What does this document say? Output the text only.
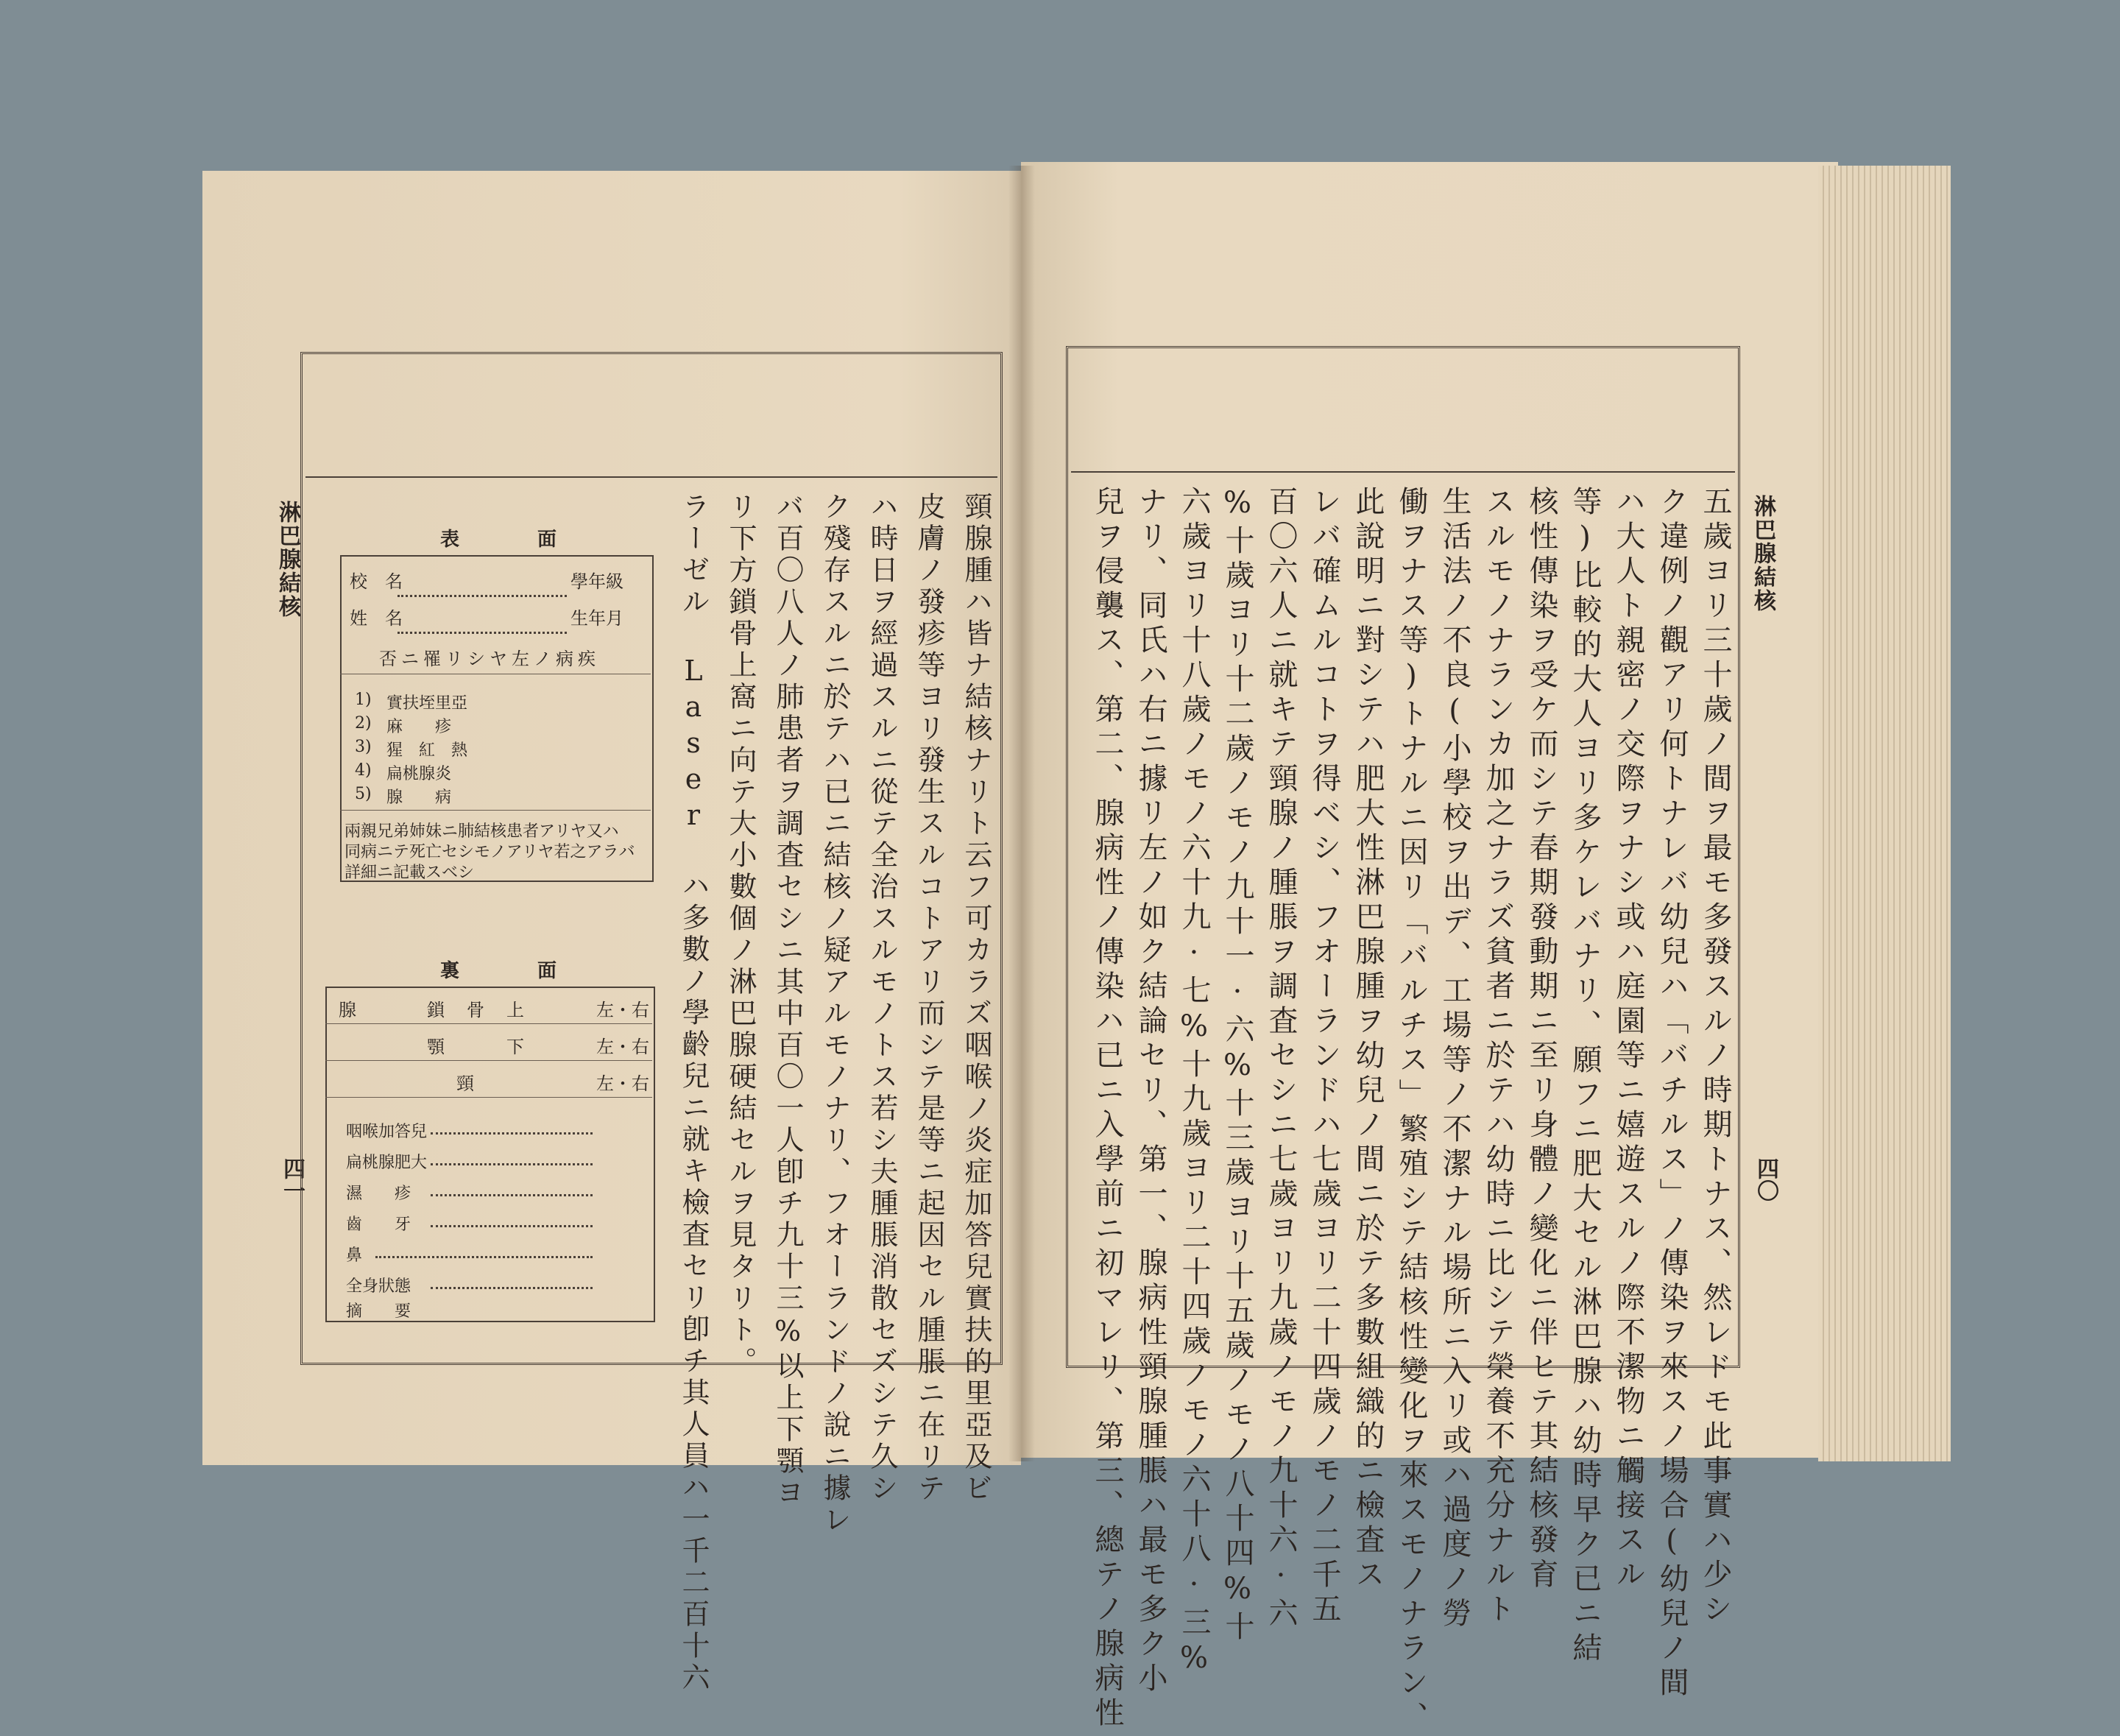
淋巴腺結核
四一	頸腺腫ハ皆ナ結核ナリト云フ可カラズ咽喉ノ炎症加答兒實扶的里亞及ビ
皮膚ノ發疹等ヨリ發生スルコトアリ而シテ是等ニ起因セル腫脹ニ在リテ
ハ時日ヲ經過スルニ從テ全治スルモノトス若シ夫腫脹消散セズシテ久シ
ク殘存スルニ於テハ已ニ結核ノ疑アルモノナリ、フオーランドノ說ニ據レ
バ百〇八人ノ肺患者ヲ調査セシニ其中百〇一人卽チ九十三%以上下顎ヨ
リ下方鎖骨上窩ニ向テ大小數個ノ淋巴腺硬結セルヲ見タリト。
ラーゼル Laser ハ多數ノ學齡兒ニ就キ檢査セリ卽チ其人員ハ一千二百十六
表　面
校　名	學年級
姓　名	生年月
否ニ罹リシヤ左ノ病疾
1) 實扶垤里亞
2) 麻　　疹
3) 猩　紅　熱
4) 扁桃腺炎
5) 腺　　病
兩親兄弟姉妹ニ肺結核患者アリヤ又ハ
同病ニテ死亡セシモノアリヤ若之アラバ
詳細ニ記載スベシ
裏　面
腺	鎖　骨　上	左・右
顎　　　下	左・右
頸	左・右
咽喉加答兒
扁桃腺肥大
濕　　疹
齒　　牙
鼻
全身狀態
摘　　要
淋巴腺結核
四〇
五歲ヨリ三十歲ノ間ヲ最モ多發スルノ時期トナス、然レドモ此事實ハ少シ
ク違例ノ觀アリ何トナレバ幼兒ハ「バチルス」ノ傳染ヲ來スノ場合(幼兒ノ間
ハ大人ト親密ノ交際ヲナシ或ハ庭園等ニ嬉遊スルノ際不潔物ニ觸接スル
等)比較的大人ヨリ多ケレバナリ、願フニ肥大セル淋巴腺ハ幼時早ク已ニ結
核性傳染ヲ受ケ而シテ春期發動期ニ至リ身體ノ變化ニ伴ヒテ其結核發育
スルモノナランカ加之ナラズ貧者ニ於テハ幼時ニ比シテ榮養不充分ナルト
生活法ノ不良(小學校ヲ出デ、工場等ノ不潔ナル場所ニ入リ或ハ過度ノ勞
働ヲナス等)トナルニ因リ「バルチス」繁殖シテ結核性變化ヲ來スモノナラン、
此說明ニ對シテハ肥大性淋巴腺腫ヲ幼兒ノ間ニ於テ多數組織的ニ檢査ス
レバ確ムルコトヲ得ベシ、フオーランドハ七歲ヨリ二十四歲ノモノ二千五
百〇六人ニ就キテ頸腺ノ腫脹ヲ調査セシニ七歲ヨリ九歲ノモノ九十六·六
%十歲ヨリ十二歲ノモノ九十一·六%十三歲ヨリ十五歲ノモノ八十四%十
六歲ヨリ十八歲ノモノ六十九·七%十九歲ヨリ二十四歲ノモノ六十八·三%
ナリ、同氏ハ右ニ據リ左ノ如ク結論セリ、第一、腺病性頸腺腫脹ハ最モ多ク小
兒ヲ侵襲ス、第二、腺病性ノ傳染ハ已ニ入學前ニ初マレリ、第三、總テノ腺病性
